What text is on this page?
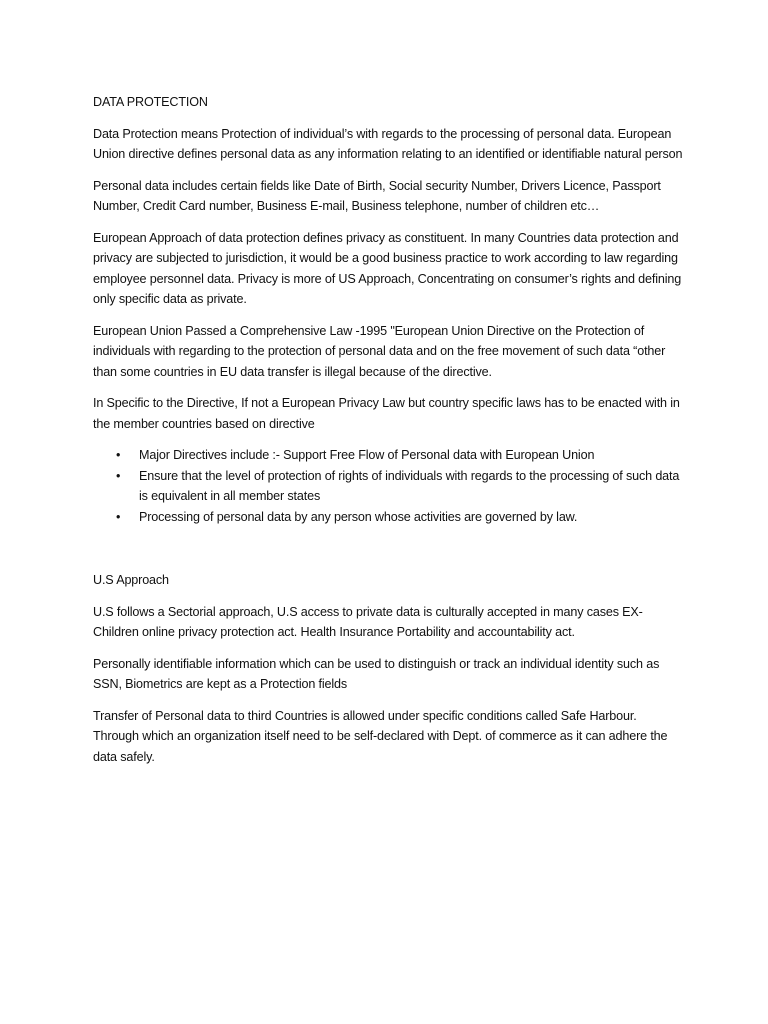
DATA PROTECTION

Data Protection means Protection of individual’s with regards to the processing of personal data. European Union directive defines personal data as any information relating to an identified or identifiable natural person

Personal data includes certain fields like Date of Birth, Social security Number, Drivers Licence, Passport Number, Credit Card number, Business E-mail, Business telephone, number of children etc…

European Approach of data protection defines privacy as constituent. In many Countries data protection and privacy are subjected to jurisdiction, it would be a good business practice to work according to law regarding employee personnel data. Privacy is more of US Approach, Concentrating on consumer’s rights and defining only specific data as private.

European Union Passed a Comprehensive Law -1995 "European Union Directive on the Protection of individuals with regarding to the protection of personal data and on the free movement of such data “other than some countries in EU data transfer is illegal because of the directive.

In Specific to the Directive, If not a European Privacy Law but country specific laws has to be enacted with in the member countries based on directive

• Major Directives include :- Support Free Flow of Personal data with European Union
• Ensure that the level of protection of rights of individuals with regards to the processing of such data is equivalent in all member states
• Processing of personal data by any person whose activities are governed by law.
U.S Approach

U.S follows a Sectorial approach, U.S access to private data is culturally accepted in many cases EX- Children online privacy protection act. Health Insurance Portability and accountability act.

Personally identifiable information which can be used to distinguish or track an individual identity such as SSN, Biometrics are kept as a Protection fields

Transfer of Personal data to third Countries is allowed under specific conditions called Safe Harbour. Through which an organization itself need to be self-declared with Dept. of commerce as it can adhere the data safely.
